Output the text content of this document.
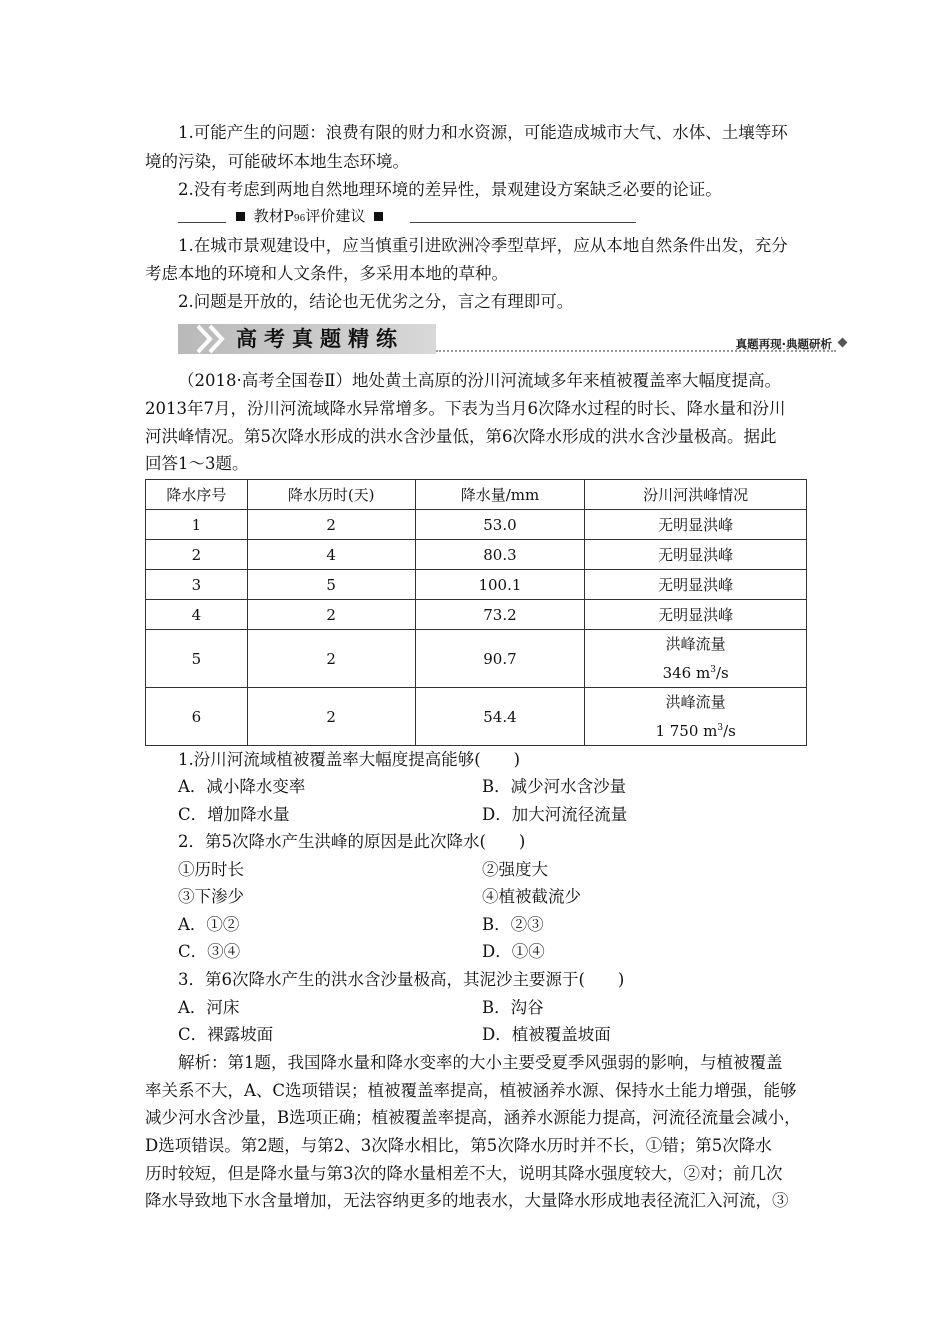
1.可能产生的问题：浪费有限的财力和水资源，可能造成城市大气、水体、土壤等环
境的污染，可能破坏本地生态环境。
2.没有考虑到两地自然地理环境的差异性，景观建设方案缺乏必要的论证。
教材P96评价建议
1.在城市景观建设中，应当慎重引进欧洲冷季型草坪，应从本地自然条件出发，充分
考虑本地的环境和人文条件，多采用本地的草种。
2.问题是开放的，结论也无优劣之分，言之有理即可。
高考真题精练	真题再现·典题研析
（2018·高考全国卷Ⅱ）地处黄土高原的汾川河流域多年来植被覆盖率大幅度提高。
2013年7月，汾川河流域降水异常增多。下表为当月6次降水过程的时长、降水量和汾川
河洪峰情况。第5次降水形成的洪水含沙量低，第6次降水形成的洪水含沙量极高。据此
回答1～3题。
降水序号	降水历时(天)	降水量/mm	汾川河洪峰情况
1	2	53.0	无明显洪峰
2	4	80.3	无明显洪峰
3	5	100.1	无明显洪峰
4	2	73.2	无明显洪峰
5	2	90.7	洪峰流量
346 $m^3/s$

6	2	54.4	洪峰流量
1 750 $m^3/s$
1.汾川河流域植被覆盖率大幅度提高能够(　　)
A．减小降水变率	B．减少河水含沙量
C．增加降水量	D．加大河流径流量
2．第5次降水产生洪峰的原因是此次降水(　　)
①历时长	②强度大
③下渗少	④植被截流少
A．①②	B．②③
C．③④	D．①④
3．第6次降水产生的洪水含沙量极高，其泥沙主要源于(　　)
A．河床	B．沟谷
C．裸露坡面	D．植被覆盖坡面
解析：第1题，我国降水量和降水变率的大小主要受夏季风强弱的影响，与植被覆盖
率关系不大，A、C选项错误；植被覆盖率提高，植被涵养水源、保持水土能力增强，能够
减少河水含沙量，B选项正确；植被覆盖率提高，涵养水源能力提高，河流径流量会减小，
D选项错误。第2题，与第2、3次降水相比，第5次降水历时并不长，①错；第5次降水
历时较短，但是降水量与第3次的降水量相差不大，说明其降水强度较大，②对；前几次
降水导致地下水含量增加，无法容纳更多的地表水，大量降水形成地表径流汇入河流，③
